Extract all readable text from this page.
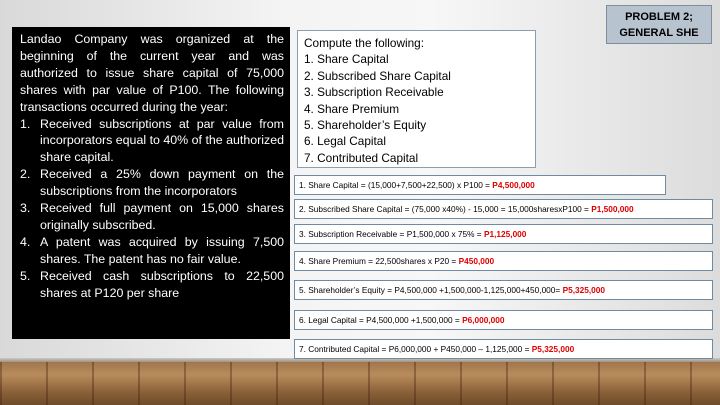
PROBLEM 2;
GENERAL SHE

Landao Company was organized at the beginning of the current year and was authorized to issue share capital of 75,000 shares with par value of P100. The following transactions occurred during the year:

1. Received subscriptions at par value from incorporators equal to 40% of the authorized share capital.
2. Received a 25% down payment on the subscriptions from the incorporators
3. Received full payment on 15,000 shares originally subscribed.
4. A patent was acquired by issuing 7,500 shares. The patent has no fair value.
5. Received cash subscriptions to 22,500 shares at P120 per share
Compute the following:
1. Share Capital
2. Subscribed Share Capital
3. Subscription Receivable
4. Share Premium
5. Shareholder’s Equity
6. Legal Capital
7. Contributed Capital
1. Share Capital = (15,000+7,500+22,500) x P100 = P4,500,000
2. Subscribed Share Capital = (75,000 x40%) - 15,000 = 15,000sharesxP100 = P1,500,000
3. Subscription Receivable = P1,500,000 x 75% = P1,125,000
4. Share Premium = 22,500shares x P20 = P450,000
5. Shareholder’s Equity = P4,500,000 +1,500,000-1,125,000+450,000= P5,325,000
6. Legal Capital = P4,500,000 +1,500,000 = P6,000,000
7. Contributed Capital = P6,000,000 + P450,000 – 1,125,000 = P5,325,000
